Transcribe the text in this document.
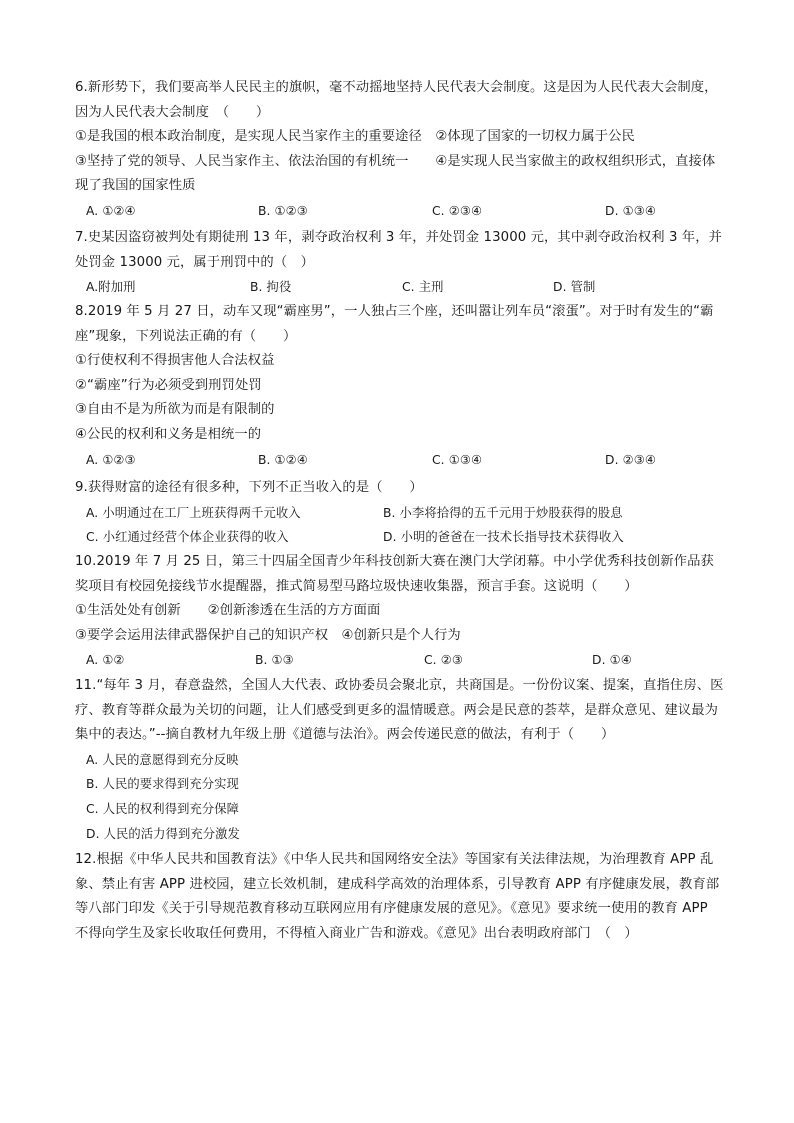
6.新形势下，我们要高举人民民主的旗帜，毫不动摇地坚持人民代表大会制度。这是因为人民代表大会制度，因为人民代表大会制度　（　　）
①是我国的根本政治制度，是实现人民当家作主的重要途径　②体现了国家的一切权力属于公民
③坚持了党的领导、人民当家作主、依法治国的有机统一　　④是实现人民当家做主的政权组织形式，直接体现了我国的国家性质
A. ①②④	B. ①②③	C. ②③④	D. ①③④
7.史某因盗窃被判处有期徒刑 13 年，剥夺政治权利 3 年，并处罚金 13000 元，其中剥夺政治权利 3 年，并处罚金 13000 元，属于刑罚中的（　）
A.附加刑	B. 拘役	C. 主刑	D. 管制
8.2019 年 5 月 27 日，动车又现“霸座男”，一人独占三个座，还叫嚣让列车员“滚蛋”。对于时有发生的“霸座”现象，下列说法正确的有（　　）
①行使权利不得损害他人合法权益
②“霸座”行为必须受到刑罚处罚
③自由不是为所欲为而是有限制的
④公民的权利和义务是相统一的
A. ①②③	B. ①②④	C. ①③④	D. ②③④
9.获得财富的途径有很多种，下列不正当收入的是（　　）
A. 小明通过在工厂上班获得两千元收入	B. 小李将拾得的五千元用于炒股获得的股息
C. 小红通过经营个体企业获得的收入	D. 小明的爸爸在一技术长指导技术获得收入
10.2019 年 7 月 25 日，第三十四届全国青少年科技创新大赛在澳门大学闭幕。中小学优秀科技创新作品获奖项目有校园免接线节水提醒器，推式简易型马路垃圾快速收集器，预言手套。这说明（　　）
①生活处处有创新　　②创新渗透在生活的方方面面
③要学会运用法律武器保护自己的知识产权　④创新只是个人行为
A. ①②	B. ①③	C. ②③	D. ①④
11.“每年 3 月，春意盎然，全国人大代表、政协委员会聚北京，共商国是。一份份议案、提案，直指住房、医疗、教育等群众最为关切的问题，让人们感受到更多的温情暖意。两会是民意的荟萃，是群众意见、建议最为集中的表达。”--摘自教材九年级上册《道德与法治》。两会传递民意的做法，有利于（　　）
A. 人民的意愿得到充分反映
B. 人民的要求得到充分实现
C. 人民的权利得到充分保障
D. 人民的活力得到充分激发
12.根据《中华人民共和国教育法》《中华人民共和国网络安全法》等国家有关法律法规，为治理教育 APP 乱象、禁止有害 APP 进校园，建立长效机制，建成科学高效的治理体系，引导教育 APP 有序健康发展，教育部等八部门印发《关于引导规范教育移动互联网应用有序健康发展的意见》。《意见》要求统一使用的教育 APP 不得向学生及家长收取任何费用，不得植入商业广告和游戏。《意见》出台表明政府部门　（　）
